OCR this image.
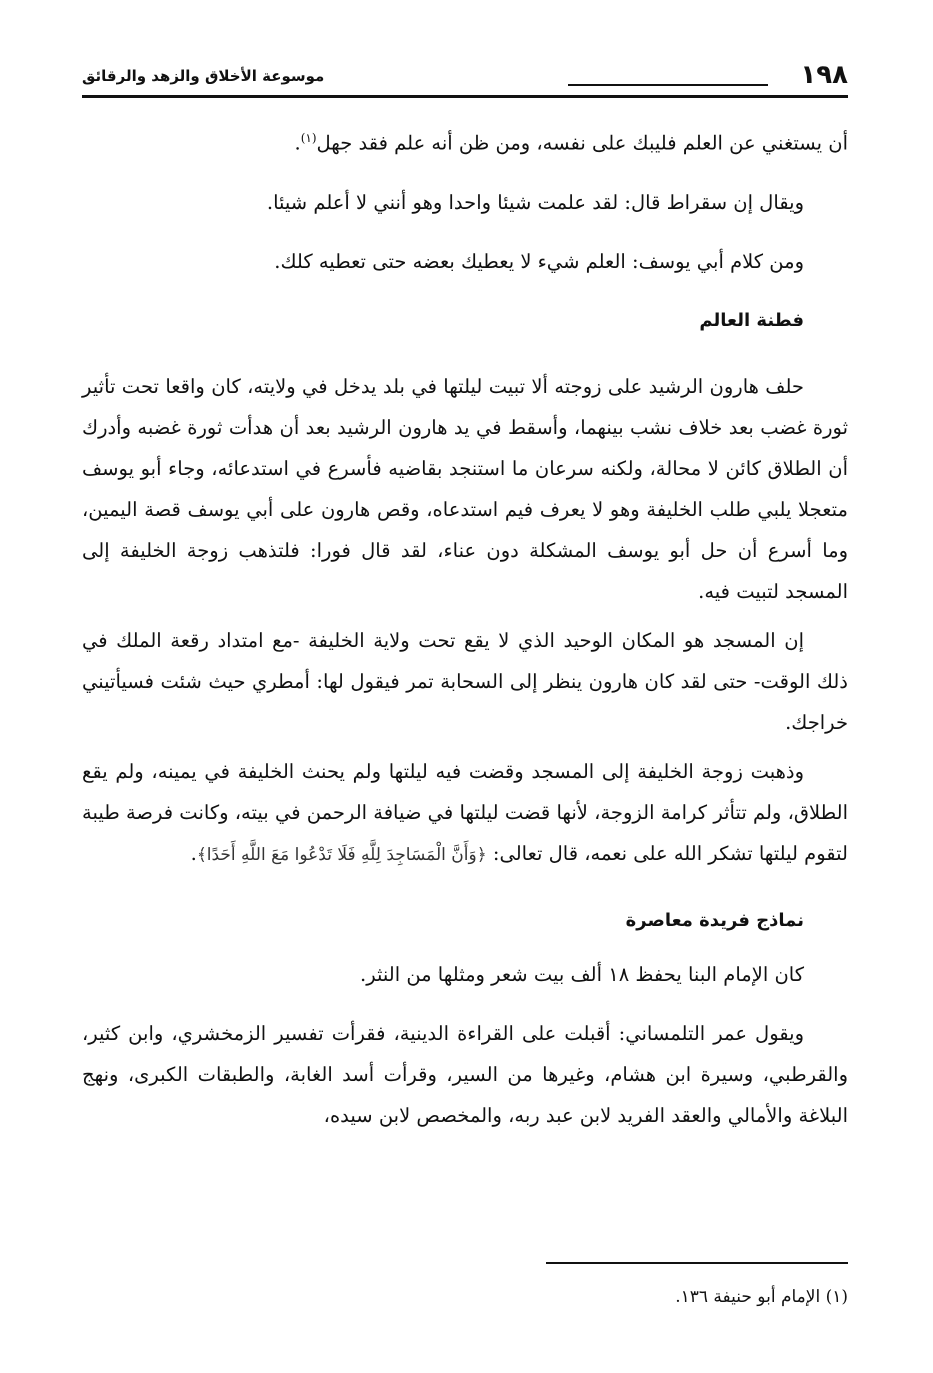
١٩٨
موسوعة الأخلاق والزهد والرقائق

أن يستغني عن العلم فليبك على نفسه، ومن ظن أنه علم فقد جهل$^{(١)}$.

ويقال إن سقراط قال: لقد علمت شيئا واحدا وهو أنني لا أعلم شيئا.

ومن كلام أبي يوسف: العلم شيء لا يعطيك بعضه حتى تعطيه كلك.

فطنة العالم

حلف هارون الرشيد على زوجته ألا تبيت ليلتها في بلد يدخل في ولايته، كان واقعا تحت تأثير ثورة غضب بعد خلاف نشب بينهما، وأسقط في يد هارون الرشيد بعد أن هدأت ثورة غضبه وأدرك أن الطلاق كائن لا محالة، ولكنه سرعان ما استنجد بقاضيه فأسرع في استدعائه، وجاء أبو يوسف متعجلا يلبي طلب الخليفة وهو لا يعرف فيم استدعاه، وقص هارون على أبي يوسف قصة اليمين، وما أسرع أن حل أبو يوسف المشكلة دون عناء، لقد قال فورا: فلتذهب زوجة الخليفة إلى المسجد لتبيت فيه.

إن المسجد هو المكان الوحيد الذي لا يقع تحت ولاية الخليفة -مع امتداد رقعة الملك في ذلك الوقت- حتى لقد كان هارون ينظر إلى السحابة تمر فيقول لها: أمطري حيث شئت فسيأتيني خراجك.

وذهبت زوجة الخليفة إلى المسجد وقضت فيه ليلتها ولم يحنث الخليفة في يمينه، ولم يقع الطلاق، ولم تتأثر كرامة الزوجة، لأنها قضت ليلتها في ضيافة الرحمن في بيته، وكانت فرصة طيبة لتقوم ليلتها تشكر الله على نعمه، قال تعالى: ﴿وَأَنَّ الْمَسَاجِدَ لِلَّهِ فَلَا تَدْعُوا مَعَ اللَّهِ أَحَدًا﴾.

نماذج فريدة معاصرة

كان الإمام البنا يحفظ ١٨ ألف بيت شعر ومثلها من النثر.

ويقول عمر التلمساني: أقبلت على القراءة الدينية، فقرأت تفسير الزمخشري، وابن كثير، والقرطبي، وسيرة ابن هشام، وغيرها من السير، وقرأت أسد الغابة، والطبقات الكبرى، ونهج البلاغة والأمالي والعقد الفريد لابن عبد ربه، والمخصص لابن سيده،

(١) الإمام أبو حنيفة ١٣٦.
